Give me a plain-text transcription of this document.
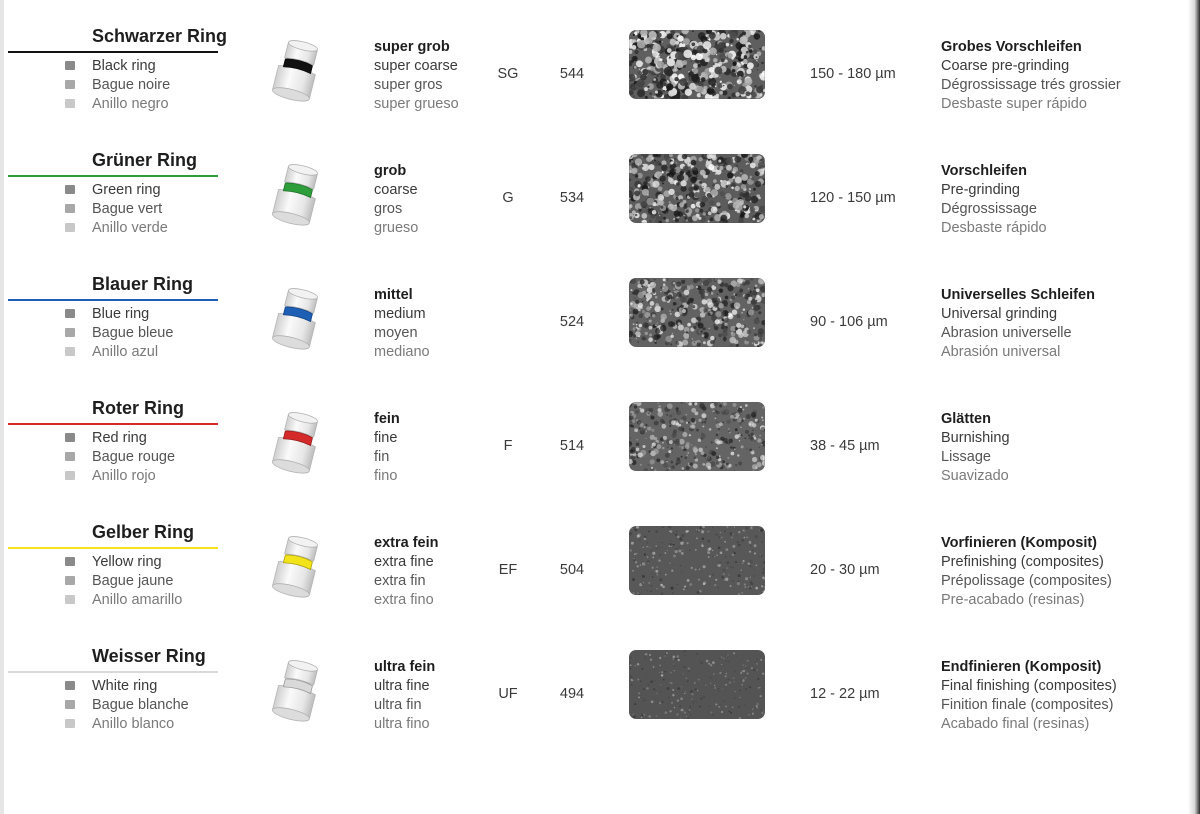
Schwarzer Ring
Black ring
Bague noire
Anillo negro
super grob
super coarse
super gros
super grueso
SG	544	150 - 180 µm
Grobes Vorschleifen
Coarse pre-grinding
Dégrossissage trés grossier
Desbaste super rápido
Grüner Ring
Green ring
Bague vert
Anillo verde
grob
coarse
gros
grueso
G	534	120 - 150 µm
Vorschleifen
Pre-grinding
Dégrossissage
Desbaste rápido
Blauer Ring
Blue ring
Bague bleue
Anillo azul
mittel
medium
moyen
mediano
524	90 - 106 µm
Universelles Schleifen
Universal grinding
Abrasion universelle
Abrasión universal
Roter Ring
Red ring
Bague rouge
Anillo rojo
fein
fine
fin
fino
F	514	38 - 45 µm
Glätten
Burnishing
Lissage
Suavizado
Gelber Ring
Yellow ring
Bague jaune
Anillo amarillo
extra fein
extra fine
extra fin
extra fino
EF	504	20 - 30 µm
Vorfinieren (Komposit)
Prefinishing (composites)
Prépolissage (composites)
Pre-acabado (resinas)
Weisser Ring
White ring
Bague blanche
Anillo blanco
ultra fein
ultra fine
ultra fin
ultra fino
UF	494	12 - 22 µm
Endfinieren (Komposit)
Final finishing (composites)
Finition finale (composites)
Acabado final (resinas)
